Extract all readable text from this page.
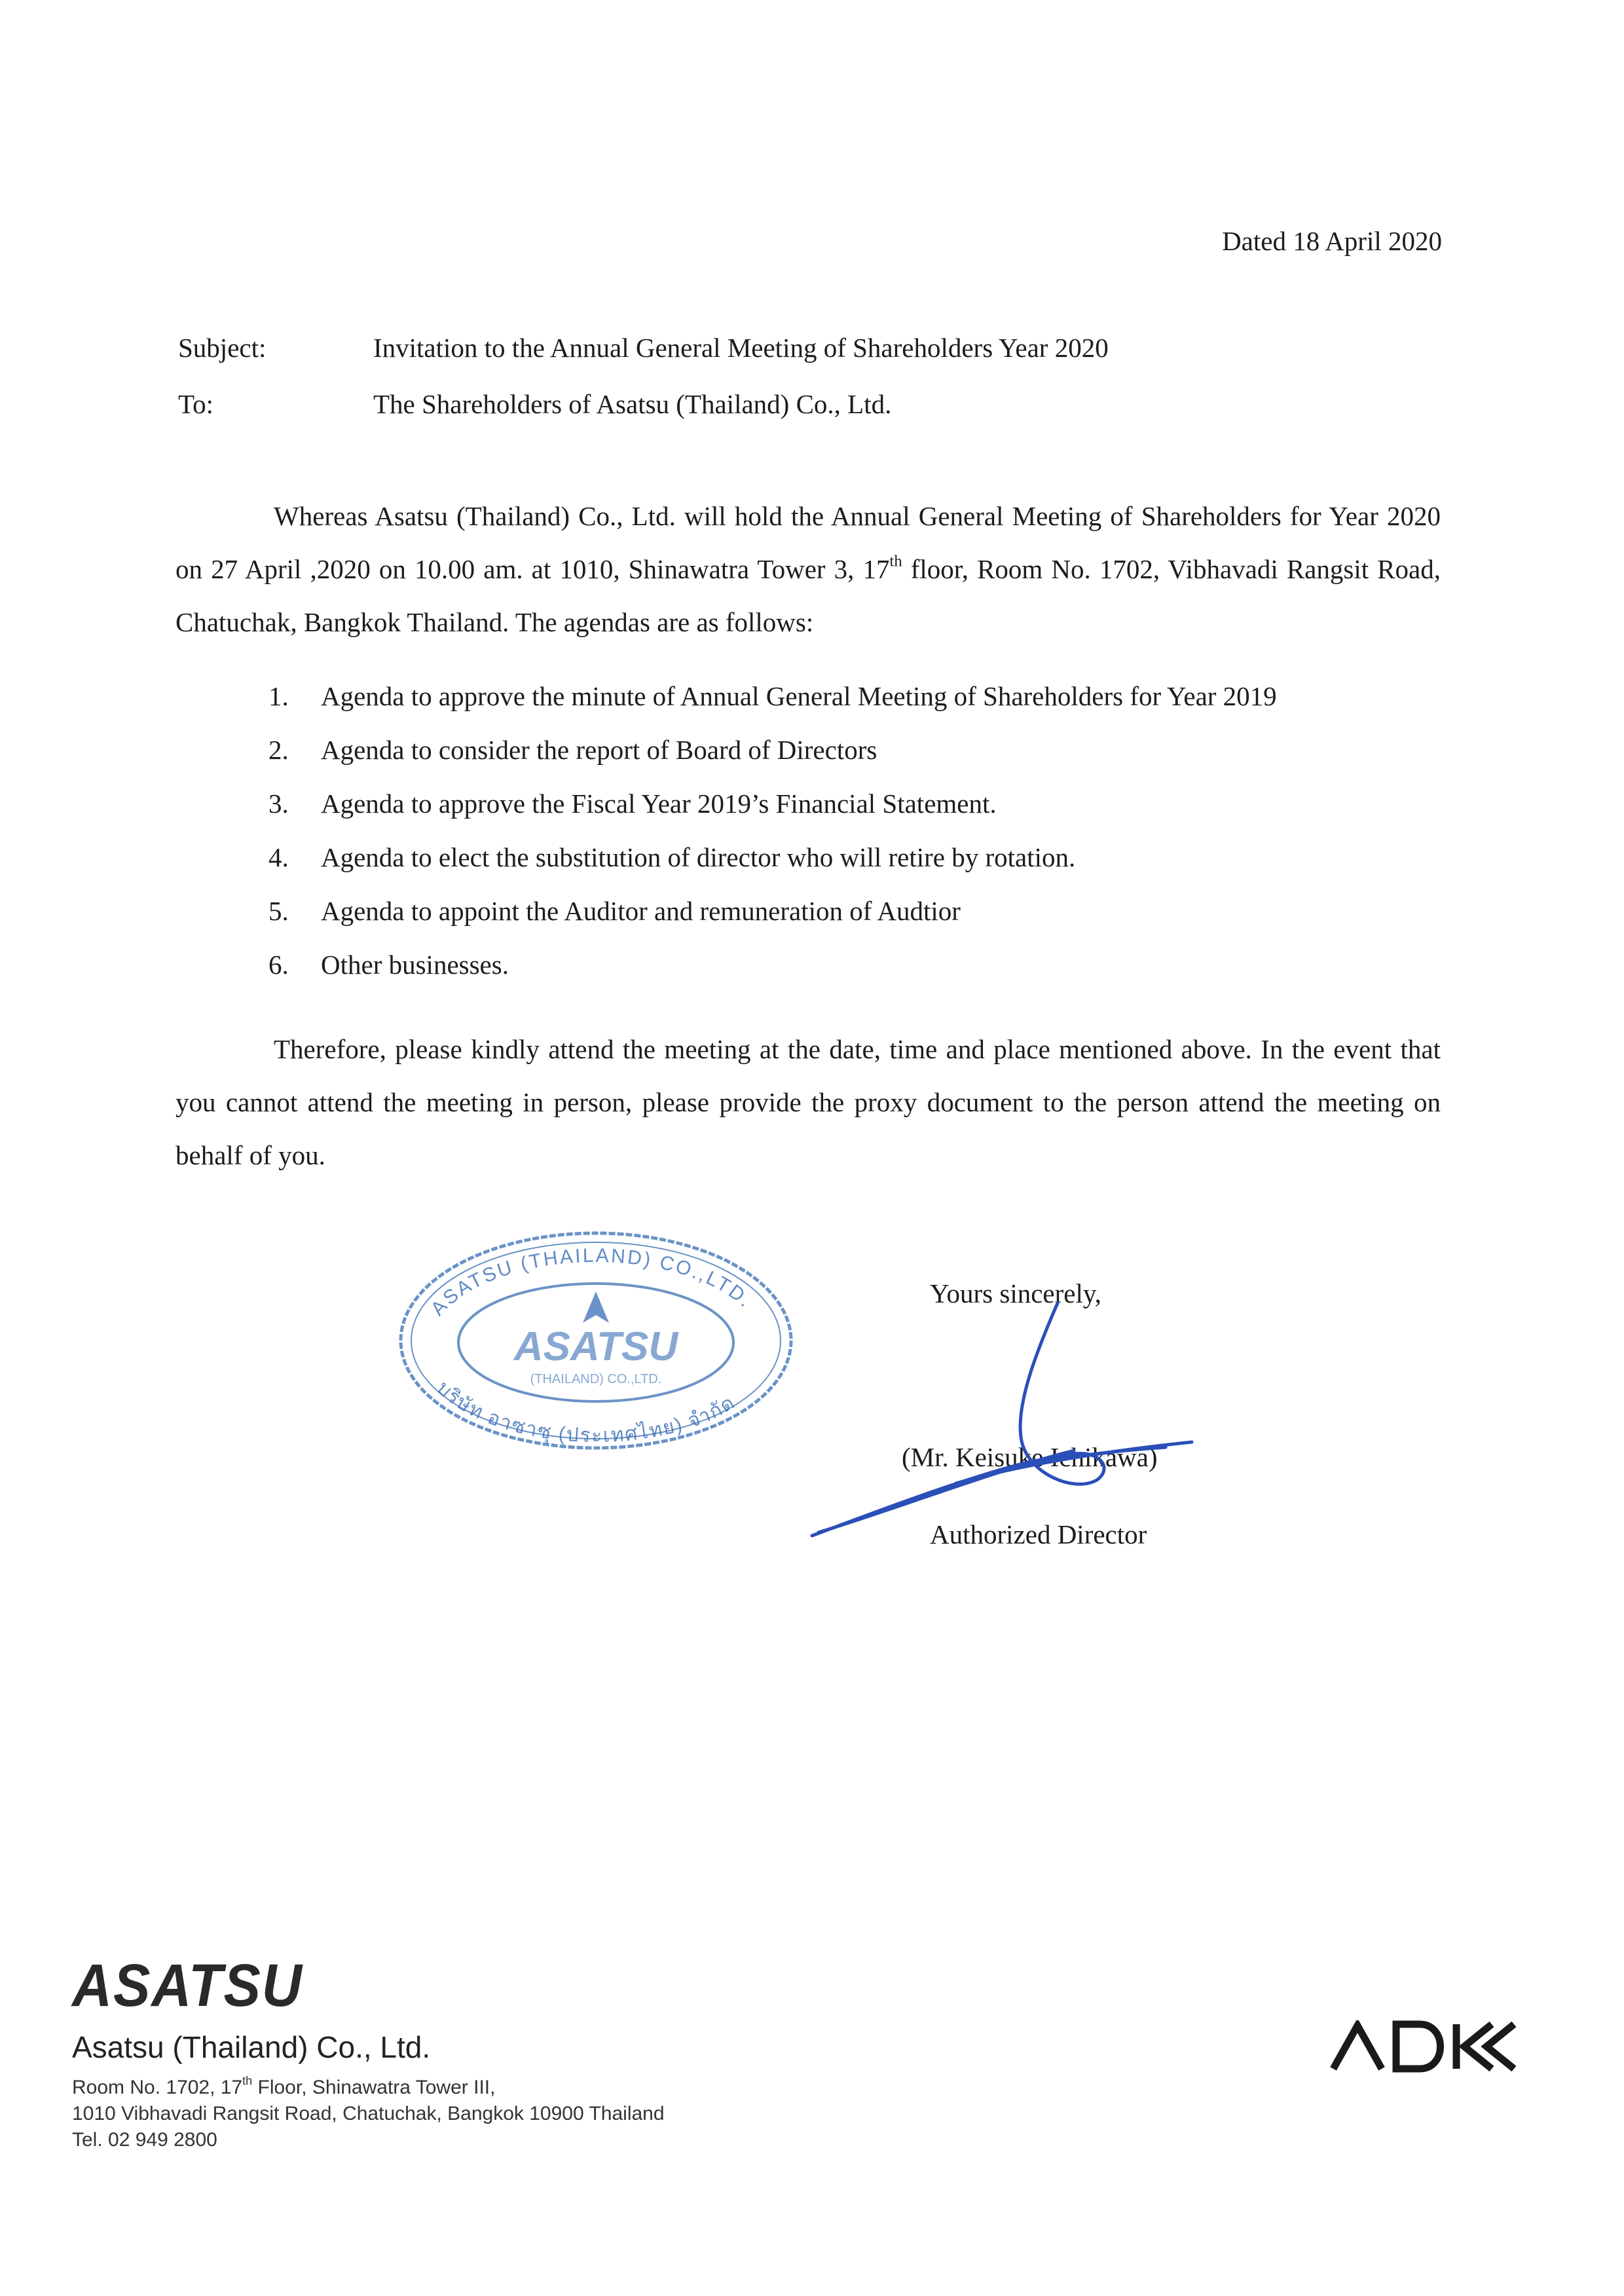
Dated 18 April 2020
Subject:	Invitation to the Annual General Meeting of Shareholders Year 2020
To:	The Shareholders of Asatsu (Thailand) Co., Ltd.
Whereas Asatsu (Thailand) Co., Ltd. will hold the Annual General Meeting of Shareholders for Year 2020 on 27 April ,2020 on 10.00 am. at 1010, Shinawatra Tower 3, 17th floor, Room No. 1702, Vibhavadi Rangsit Road, Chatuchak, Bangkok Thailand. The agendas are as follows:
1. Agenda to approve the minute of Annual General Meeting of Shareholders for Year 2019
2. Agenda to consider the report of Board of Directors
3. Agenda to approve the Fiscal Year 2019’s Financial Statement.
4. Agenda to elect the substitution of director who will retire by rotation.
5. Agenda to appoint the Auditor and remuneration of Audtior
6. Other businesses.
Therefore, please kindly attend the meeting at the date, time and place mentioned above. In the event that you cannot attend the meeting in person, please provide the proxy document to the person attend the meeting on behalf of you.
ASATSU (THAILAND) CO.,LTD.
บริษัท อาซาซุ (ประเทศไทย) จำกัด
ASATSU
(THAILAND) CO.,LTD.
Yours sincerely,
(Mr. Keisuke Ichikawa)
Authorized Director
ASATSU
Asatsu (Thailand) Co., Ltd.
Room No. 1702, 17th Floor, Shinawatra Tower III,
1010 Vibhavadi Rangsit Road, Chatuchak, Bangkok 10900 Thailand
Tel. 02 949 2800
ADK
